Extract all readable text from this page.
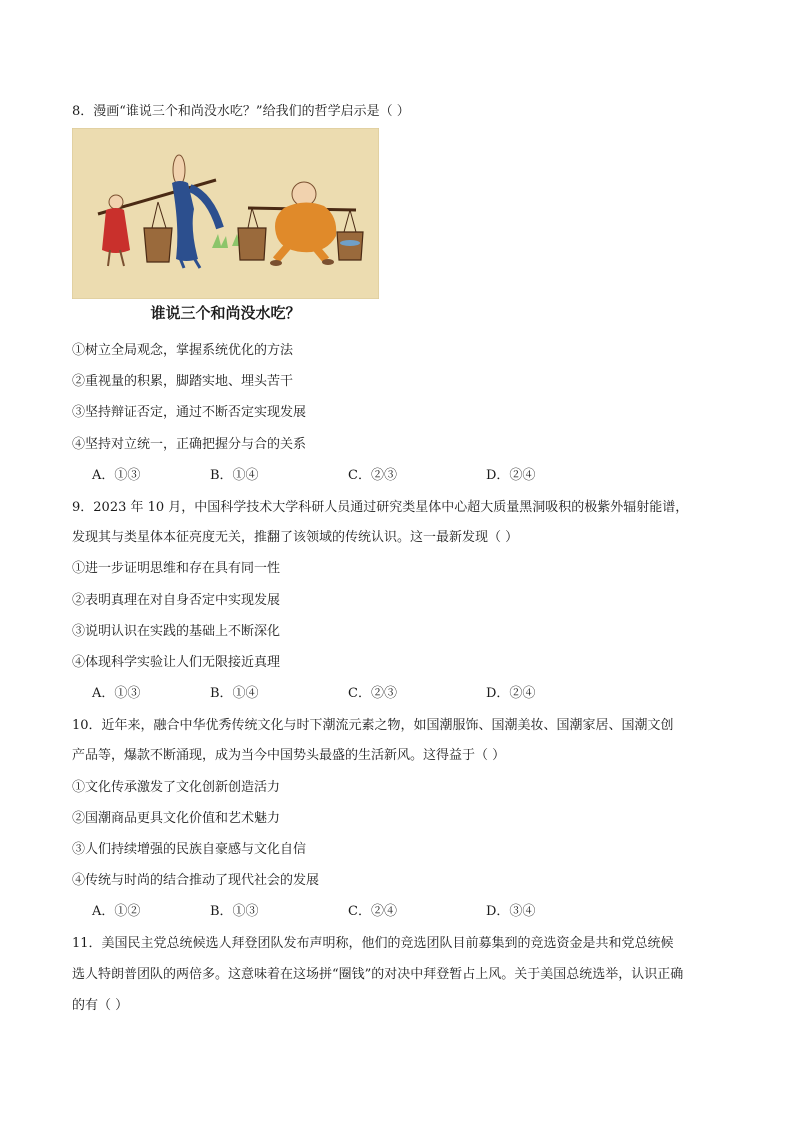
8．漫画“谁说三个和尚没水吃？”给我们的哲学启示是（ ）
谁说三个和尚没水吃？
①树立全局观念，掌握系统优化的方法
②重视量的积累，脚踏实地、埋头苦干
③坚持辩证否定，通过不断否定实现发展
④坚持对立统一，正确把握分与合的关系
A．①③	B．①④	C．②③	D．②④
9．2023 年 10 月，中国科学技术大学科研人员通过研究类星体中心超大质量黑洞吸积的极紫外辐射能谱，
发现其与类星体本征亮度无关，推翻了该领域的传统认识。这一最新发现（ ）
①进一步证明思维和存在具有同一性
②表明真理在对自身否定中实现发展
③说明认识在实践的基础上不断深化
④体现科学实验让人们无限接近真理
A．①③	B．①④	C．②③	D．②④
10．近年来，融合中华优秀传统文化与时下潮流元素之物，如国潮服饰、国潮美妆、国潮家居、国潮文创
产品等，爆款不断涌现，成为当今中国势头最盛的生活新风。这得益于（ ）
①文化传承激发了文化创新创造活力
②国潮商品更具文化价值和艺术魅力
③人们持续增强的民族自豪感与文化自信
④传统与时尚的结合推动了现代社会的发展
A．①②	B．①③	C．②④	D．③④
11．美国民主党总统候选人拜登团队发布声明称，他们的竞选团队目前募集到的竞选资金是共和党总统候
选人特朗普团队的两倍多。这意味着在这场拼“圈钱”的对决中拜登暂占上风。关于美国总统选举，认识正确
的有（ ）
